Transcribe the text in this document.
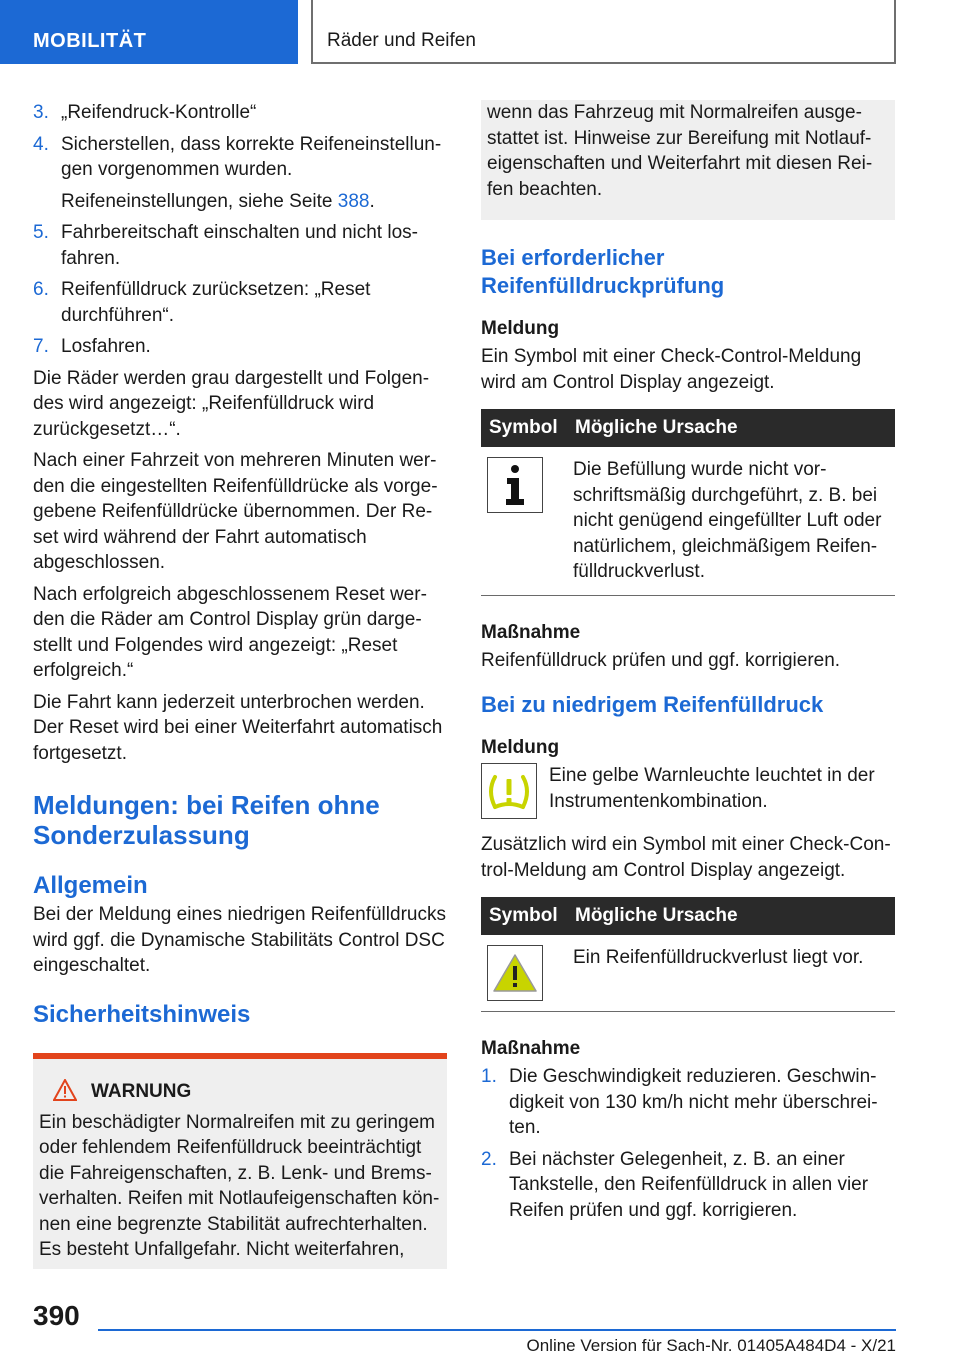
MOBILITÄT	Räder und Reifen
3. „Reifendruck-Kontrolle“
4. Sicherstellen, dass korrekte Reifeneinstellungen vorgenommen wurden.

Reifeneinstellungen, siehe Seite 388.

5. Fahrbereitschaft einschalten und nicht losfahren.
6. Reifenfülldruck zurücksetzen: „Reset durchführen“.
7. Losfahren.

Die Räder werden grau dargestellt und Folgendes wird angezeigt: „Reifenfülldruck wird zurückgesetzt…“.

Nach einer Fahrzeit von mehreren Minuten werden die eingestellten Reifenfülldrücke als vorgegebene Reifenfülldrücke übernommen. Der Reset wird während der Fahrt automatisch abgeschlossen.

Nach erfolgreich abgeschlossenem Reset werden die Räder am Control Display grün dargestellt und Folgendes wird angezeigt: „Reset erfolgreich.“

Die Fahrt kann jederzeit unterbrochen werden. Der Reset wird bei einer Weiterfahrt automatisch fortgesetzt.

Meldungen: bei Reifen ohne Sonderzulassung
Allgemein

Bei der Meldung eines niedrigen Reifenfülldrucks wird ggf. die Dynamische Stabilitäts Control DSC eingeschaltet.

Sicherheitshinweis
WARNUNG

Ein beschädigter Normalreifen mit zu geringem oder fehlendem Reifenfülldruck beeinträchtigt die Fahreigenschaften, z. B. Lenk- und Bremsverhalten. Reifen mit Notlaufeigenschaften können eine begrenzte Stabilität aufrechterhalten. Es besteht Unfallgefahr. Nicht weiterfahren,

wenn das Fahrzeug mit Normalreifen ausgestattet ist. Hinweise zur Bereifung mit Notlaufeigenschaften und Weiterfahrt mit diesen Reifen beachten.

Bei erforderlicher Reifenfülldruckprüfung
Meldung

Ein Symbol mit einer Check-Control-Meldung wird am Control Display angezeigt.

Symbol	Mögliche Ursache

	Die Befüllung wurde nicht vorschriftsmäßig durchgeführt, z. B. bei nicht genügend eingefüllter Luft oder natürlichem, gleichmäßigem Reifenfülldruckverlust.
Maßnahme

Reifenfülldruck prüfen und ggf. korrigieren.

Bei zu niedrigem Reifenfülldruck
Meldung

Eine gelbe Warnleuchte leuchtet in der Instrumentenkombination.

Zusätzlich wird ein Symbol mit einer Check-Control-Meldung am Control Display angezeigt.

Symbol	Mögliche Ursache

	Ein Reifenfülldruckverlust liegt vor.
Maßnahme
1. Die Geschwindigkeit reduzieren. Geschwindigkeit von 130 km/h nicht mehr überschreiten.
2. Bei nächster Gelegenheit, z. B. an einer Tankstelle, den Reifenfülldruck in allen vier Reifen prüfen und ggf. korrigieren.
390
Online Version für Sach-Nr. 01405A484D4 - X/21
